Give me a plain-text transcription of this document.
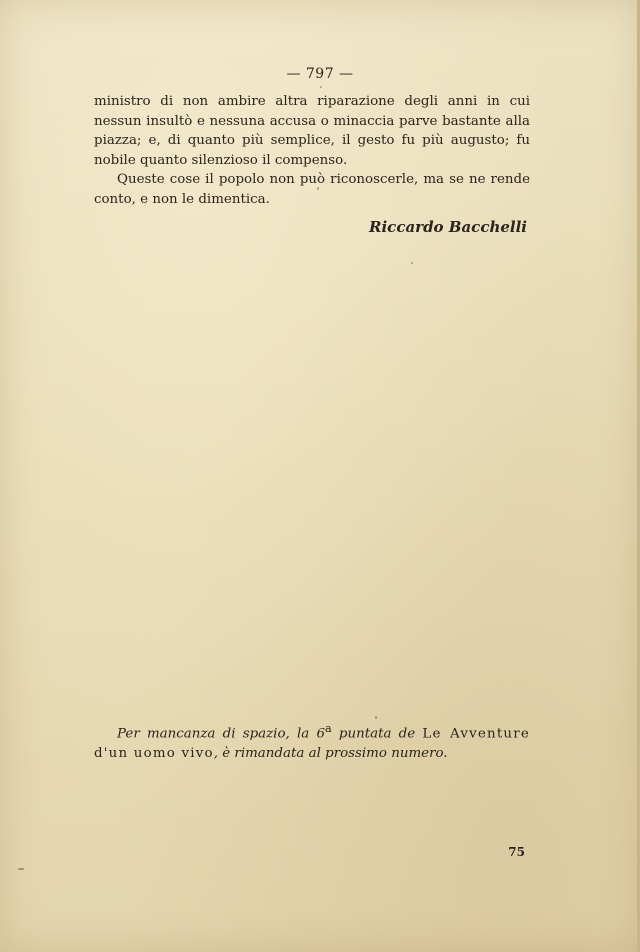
— 797 —

ministro di non ambire altra riparazione degli anni in cui nessun insultò e nessuna accusa o minaccia parve bastante alla piazza; e, di quanto più semplice, il gesto fu più augusto; fu nobile quanto silenzioso il compenso.

Queste cose il popolo non può riconoscerle, ma se ne rende conto, e non le dimentica.

Riccardo Bacchelli
Per mancanza di spazio, la 6$^a$ puntata de Le Avventure d'un uomo vivo, è rimandata al prossimo numero.
75
